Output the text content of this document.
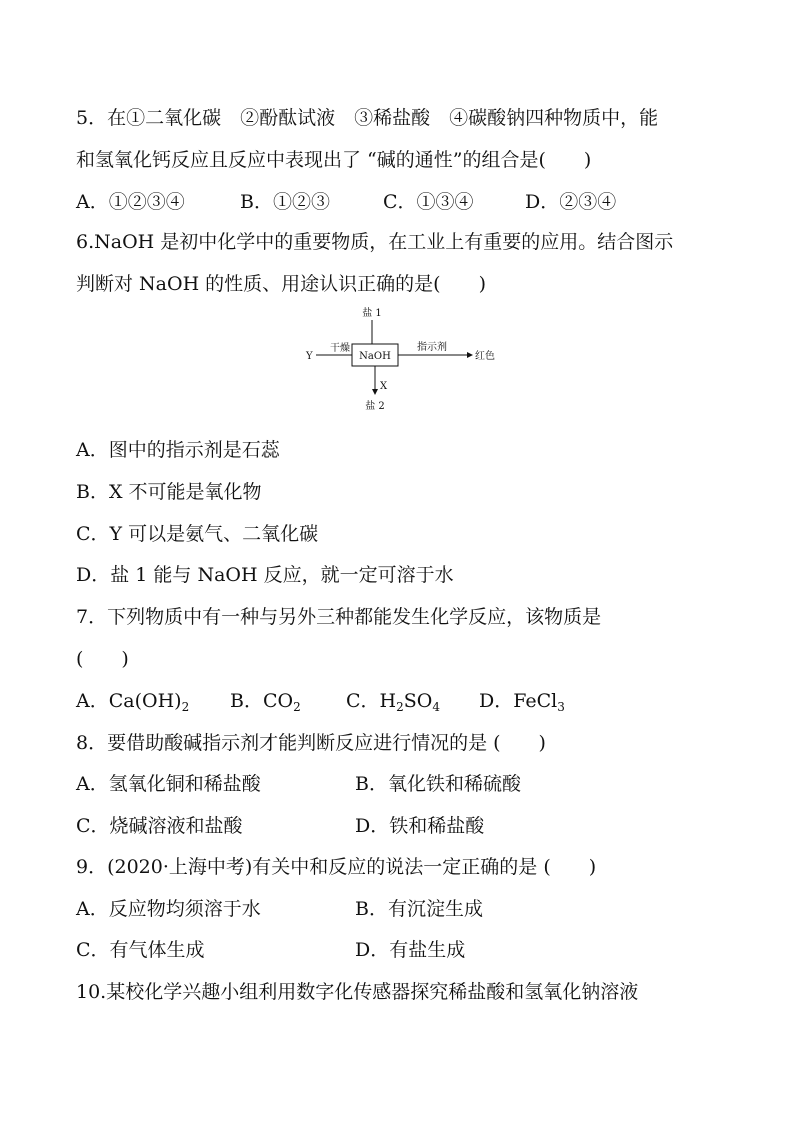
5．在①二氧化碳　②酚酞试液　③稀盐酸　④碳酸钠四种物质中，能
和氢氧化钙反应且反应中表现出了 “碱的通性”的组合是(　　)
A．①②③④	B．①②③	C．①③④	D．②③④
6.NaOH 是初中化学中的重要物质，在工业上有重要的应用。结合图示
判断对 NaOH 的性质、用途认识正确的是(　　)
NaOH
盐 1
X
盐 2
Y
干燥	指示剂
红色
A．图中的指示剂是石蕊
B．X 不可能是氧化物
C．Y 可以是氨气、二氧化碳
D．盐 1 能与 NaOH 反应，就一定可溶于水
7．下列物质中有一种与另外三种都能发生化学反应，该物质是
(　　)
A．$Ca(OH)_2$ B．$CO_2$ C．$H_2SO_4$ D．FeCl$_3$
8．要借助酸碱指示剂才能判断反应进行情况的是 (　　)
A．氢氧化铜和稀盐酸	B．氧化铁和稀硫酸
C．烧碱溶液和盐酸	D．铁和稀盐酸
9．(2020·上海中考)有关中和反应的说法一定正确的是 (　　)
A．反应物均须溶于水	B．有沉淀生成
C．有气体生成	D．有盐生成
10.某校化学兴趣小组利用数字化传感器探究稀盐酸和氢氧化钠溶液
